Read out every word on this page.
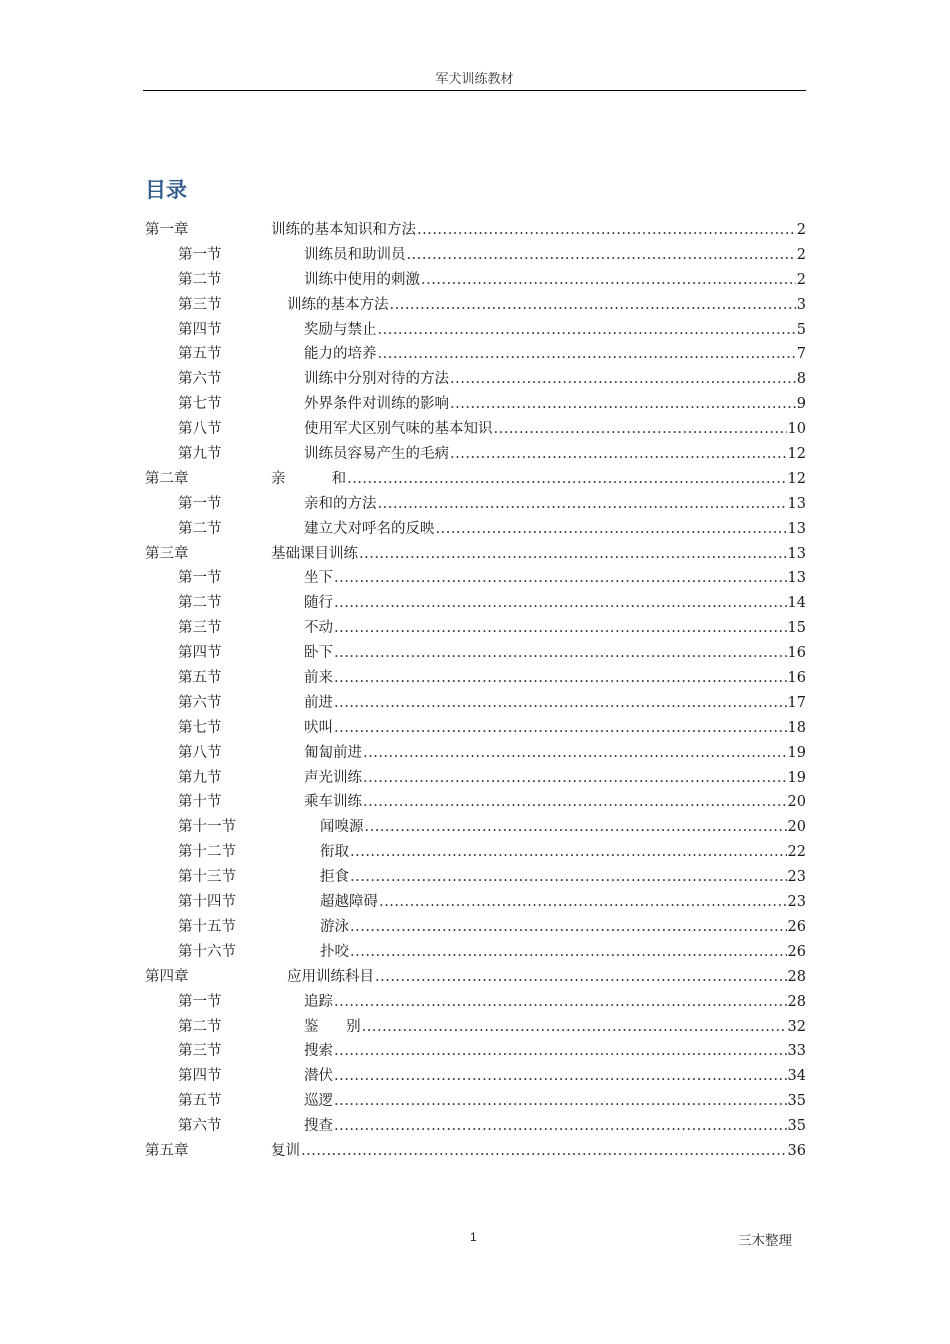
军犬训练教材
目录
第一章	训练的基本知识和方法 .....	2
第一节	训练员和助训员 .....	2
第二节	训练中使用的刺激 .....	2
第三节	训练的基本方法 .....	3
第四节	奖励与禁止 .....	5
第五节	能力的培养 .....	7
第六节	训练中分别对待的方法 .....	8
第七节	外界条件对训练的影响 .....	9
第八节	使用军犬区别气味的基本知识 .....	10
第九节	训练员容易产生的毛病 .....	12
第二章	亲          和 .....	12
第一节	亲和的方法 .....	13
第二节	建立犬对呼名的反映 .....	13
第三章	基础课目训练 .....	13
第一节	坐下 .....	13
第二节	随行 .....	14
第三节	不动 .....	15
第四节	卧下 .....	16
第五节	前来 .....	16
第六节	前进 .....	17
第七节	吠叫 .....	18
第八节	匍匐前进 .....	19
第九节	声光训练 .....	19
第十节	乘车训练 .....	20
第十一节	闻嗅源 .....	20
第十二节	衔取 .....	22
第十三节	拒食 .....	23
第十四节	超越障碍 .....	23
第十五节	游泳 .....	26
第十六节	扑咬 .....	26
第四章	应用训练科目 .....	28
第一节	追踪 .....	28
第二节	鉴      别 .....	32
第三节	搜索 .....	33
第四节	潜伏 .....	34
第五节	巡逻 .....	35
第六节	搜查 .....	35
第五章	复训 .....	36
1	三木整理
